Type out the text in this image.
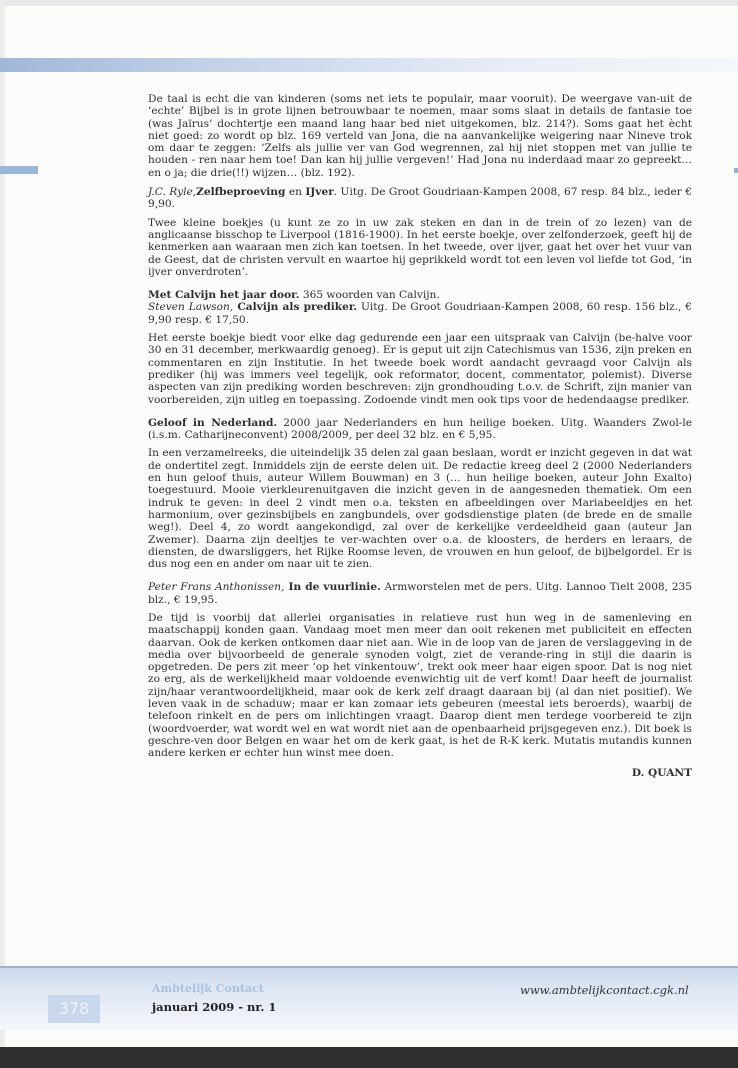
De taal is echt die van kinderen (soms net iets te populair, maar vooruit). De weergave van-uit de ‘echte’ Bijbel is in grote lijnen betrouwbaar te noemen, maar soms slaat in details de fantasie toe (was Jaïrus’ dochtertje een maand lang haar bed niet uitgekomen, blz. 214?). Soms gaat het ècht niet goed: zo wordt op blz. 169 verteld van Jona, die na aanvankelijke weigering naar Nineve trok om daar te zeggen: ‘Zelfs als jullie ver van God wegrennen, zal hij niet stoppen met van jullie te houden - ren naar hem toe! Dan kan hij jullie vergeven!’ Had Jona nu inderdaad maar zo gepreekt… en o ja; die drie(!!) wijzen… (blz. 192).

J.C. Ryle,Zelfbeproeving en IJver. Uitg. De Groot Goudriaan-Kampen 2008, 67 resp. 84 blz., ieder € 9,90.

Twee kleine boekjes (u kunt ze zo in uw zak steken en dan in de trein of zo lezen) van de anglicaanse bisschop te Liverpool (1816-1900). In het eerste boekje, over zelfonderzoek, geeft hij de kenmerken aan waaraan men zich kan toetsen. In het tweede, over ijver, gaat het over het vuur van de Geest, dat de christen vervult en waartoe hij geprikkeld wordt tot een leven vol liefde tot God, ‘in ijver onverdroten’.

Met Calvijn het jaar door. 365 woorden van Calvijn.

Steven Lawson, Calvijn als prediker. Uitg. De Groot Goudriaan-Kampen 2008, 60 resp. 156 blz., € 9,90 resp. € 17,50.

Het eerste boekje biedt voor elke dag gedurende een jaar een uitspraak van Calvijn (be-halve voor 30 en 31 december, merkwaardig genoeg). Er is geput uit zijn Catechismus van 1536, zijn preken en commentaren en zijn Institutie. In het tweede boek wordt aandacht gevraagd voor Calvijn als prediker (hij was immers veel tegelijk, ook reformator, docent, commentator, polemist). Diverse aspecten van zijn prediking worden beschreven: zijn grondhouding t.o.v. de Schrift, zijn manier van voorbereiden, zijn uitleg en toepassing. Zodoende vindt men ook tips voor de hedendaagse prediker.

Geloof in Nederland. 2000 jaar Nederlanders en hun heilige boeken. Uitg. Waanders Zwol-le (i.s.m. Catharijneconvent) 2008/2009, per deel 32 blz. en € 5,95.

In een verzamelreeks, die uiteindelijk 35 delen zal gaan beslaan, wordt er inzicht gegeven in dat wat de ondertitel zegt. Inmiddels zijn de eerste delen uit. De redactie kreeg deel 2 (2000 Nederlanders en hun geloof thuis, auteur Willem Bouwman) en 3 (… hun heilige boeken, auteur John Exalto) toegestuurd. Mooie vierkleurenuitgaven die inzicht geven in de aangesneden thematiek. Om een indruk te geven: in deel 2 vindt men o.a. teksten en afbeeldingen over Mariabeeldjes en het harmonium, over gezinsbijbels en zangbundels, over godsdienstige platen (de brede en de smalle weg!). Deel 4, zo wordt aangekondigd, zal over de kerkelijke verdeeldheid gaan (auteur Jan Zwemer). Daarna zijn deeltjes te ver-wachten over o.a. de kloosters, de herders en leraars, de diensten, de dwarsliggers, het Rijke Roomse leven, de vrouwen en hun geloof, de bijbelgordel. Er is dus nog een en ander om naar uit te zien.

Peter Frans Anthonissen, In de vuurlinie. Armworstelen met de pers. Uitg. Lannoo Tielt 2008, 235 blz., € 19,95.

De tijd is voorbij dat allerlei organisaties in relatieve rust hun weg in de samenleving en maatschappij konden gaan. Vandaag moet men meer dan ooit rekenen met publiciteit en effecten daarvan. Ook de kerken ontkomen daar niet aan. Wie in de loop van de jaren de verslaggeving in de media over bijvoorbeeld de generale synoden volgt, ziet de verande-ring in stijl die daarin is opgetreden. De pers zit meer ‘op het vinkentouw’, trekt ook meer haar eigen spoor. Dat is nog niet zo erg, als de werkelijkheid maar voldoende evenwichtig uit de verf komt! Daar heeft de journalist zijn/haar verantwoordelijkheid, maar ook de kerk zelf draagt daaraan bij (al dan niet positief). We leven vaak in de schaduw; maar er kan zomaar iets gebeuren (meestal iets beroerds), waarbij de telefoon rinkelt en de pers om inlichtingen vraagt. Daarop dient men terdege voorbereid te zijn (woordvoerder, wat wordt wel en wat wordt niet aan de openbaarheid prijsgegeven enz.). Dit boek is geschre-ven door Belgen en waar het om de kerk gaat, is het de R-K kerk. Mutatis mutandis kunnen andere kerken er echter hun winst mee doen.

D. QUANT
378
Ambtelijk Contact
januari 2009 - nr. 1
www.ambtelijkcontact.cgk.nl
